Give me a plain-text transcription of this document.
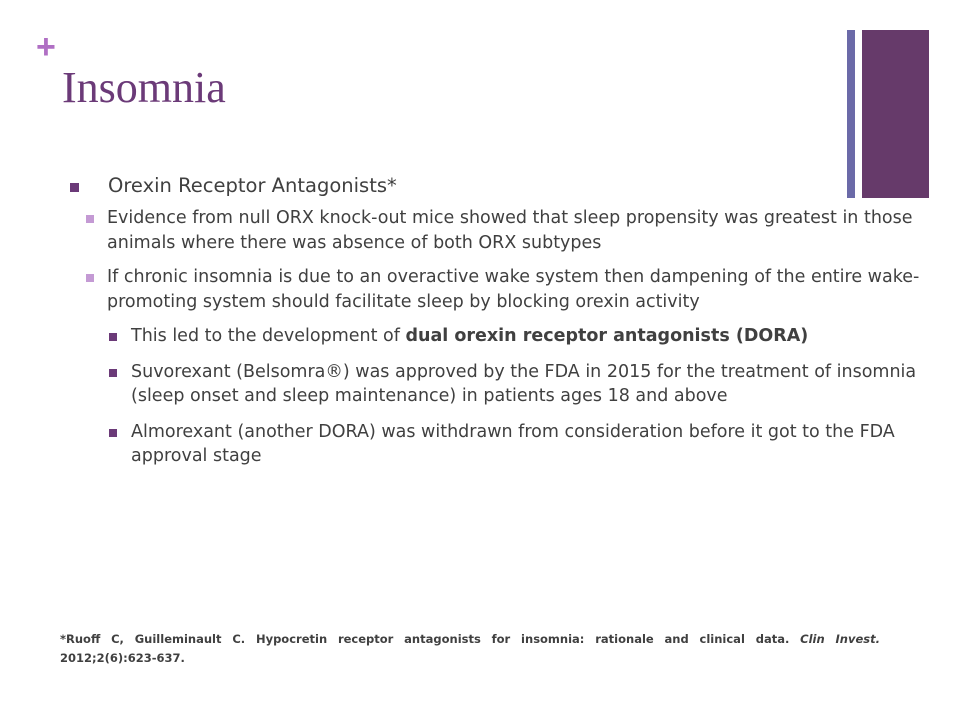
+
Insomnia
Orexin Receptor Antagonists*
Evidence from null ORX knock-out mice showed that sleep propensity was greatest in those animals where there was absence of both ORX subtypes
If chronic insomnia is due to an overactive wake system then dampening of the entire wake-promoting system should facilitate sleep by blocking orexin activity
This led to the development of dual orexin receptor antagonists (DORA)
Suvorexant (Belsomra®) was approved by the FDA in 2015 for the treatment of insomnia (sleep onset and sleep maintenance) in patients ages 18 and above
Almorexant (another DORA) was withdrawn from consideration before it got to the FDA approval stage
*Ruoff C, Guilleminault C. Hypocretin receptor antagonists for insomnia: rationale and clinical data. Clin Invest. 2012;2(6):623-637.
